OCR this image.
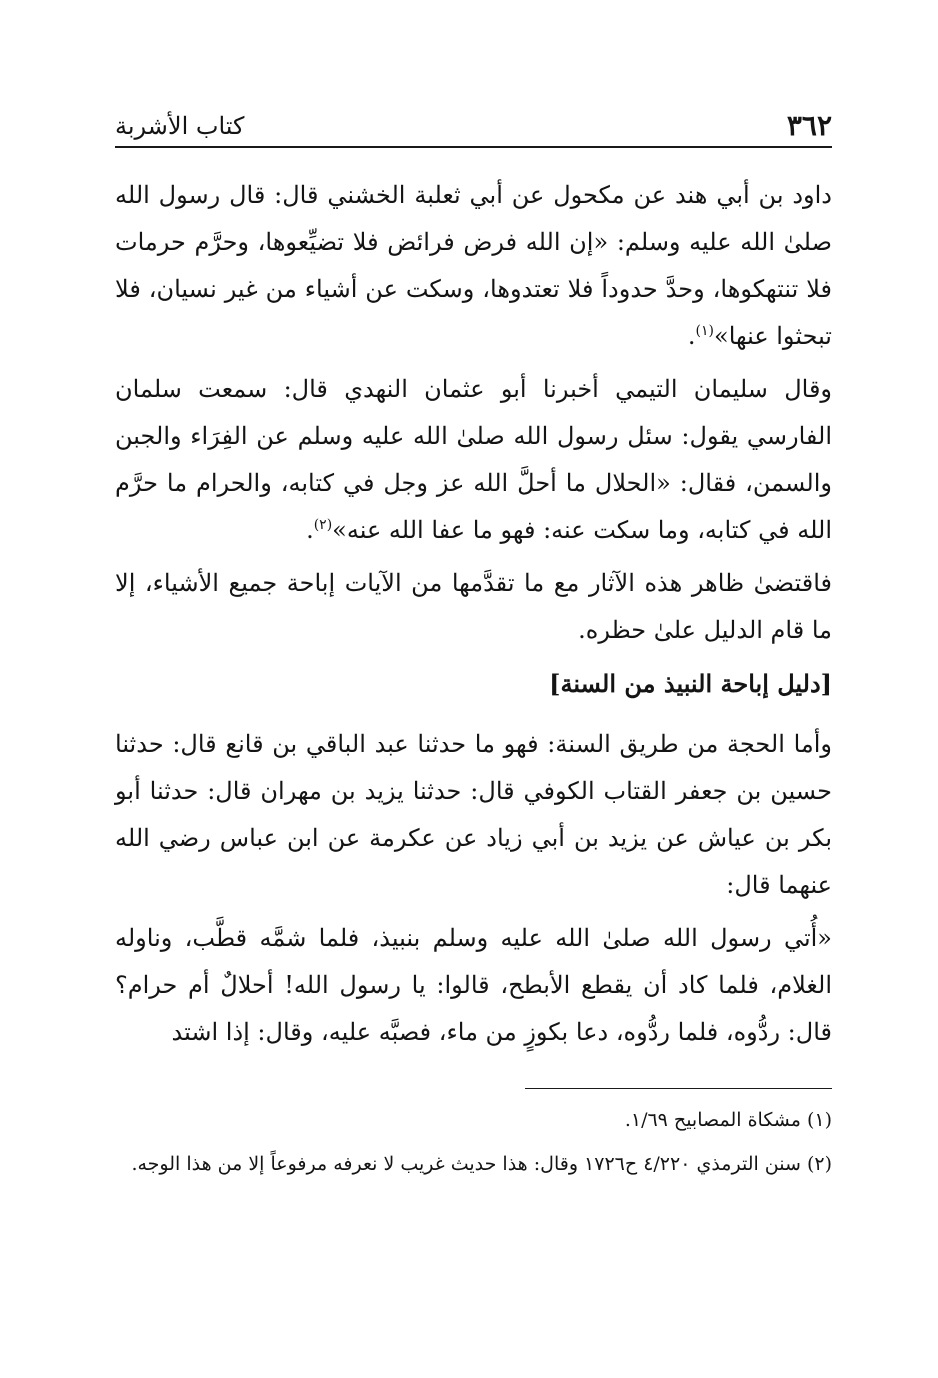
٣٦٢
كتاب الأشربة

داود بن أبي هند عن مكحول عن أبي ثعلبة الخشني قال: قال رسول الله صلىٰ الله عليه وسلم: «إن الله فرض فرائض فلا تضيِّعوها، وحرَّم حرمات فلا تنتهكوها، وحدَّ حدوداً فلا تعتدوها، وسكت عن أشياء من غير نسيان، فلا تبحثوا عنها»$^{(١)}$.

وقال سليمان التيمي أخبرنا أبو عثمان النهدي قال: سمعت سلمان الفارسي يقول: سئل رسول الله صلىٰ الله عليه وسلم عن الفِرَاء والجبن والسمن، فقال: «الحلال ما أحلَّ الله عز وجل في كتابه، والحرام ما حرَّم الله في كتابه، وما سكت عنه: فهو ما عفا الله عنه»$^{(٢)}$.

فاقتضىٰ ظاهر هذه الآثار مع ما تقدَّمها من الآيات إباحة جميع الأشياء، إلا ما قام الدليل علىٰ حظره.

[دليل إباحة النبيذ من السنة]

وأما الحجة من طريق السنة: فهو ما حدثنا عبد الباقي بن قانع قال: حدثنا حسين بن جعفر القتاب الكوفي قال: حدثنا يزيد بن مهران قال: حدثنا أبو بكر بن عياش عن يزيد بن أبي زياد عن عكرمة عن ابن عباس رضي الله عنهما قال:

«أُتي رسول الله صلىٰ الله عليه وسلم بنبيذ، فلما شمَّه قطَّب، وناوله الغلام، فلما كاد أن يقطع الأبطح، قالوا: يا رسول الله! أحلالٌ أم حرام؟ قال: ردُّوه، فلما ردُّوه، دعا بكوزٍ من ماء، فصبَّه عليه، وقال: إذا اشتد

(١)مشكاة المصابيح ١/٦٩.

(٢)سنن الترمذي ٤/٢٢٠ ح١٧٢٦ وقال: هذا حديث غريب لا نعرفه مرفوعاً إلا من هذا الوجه.
